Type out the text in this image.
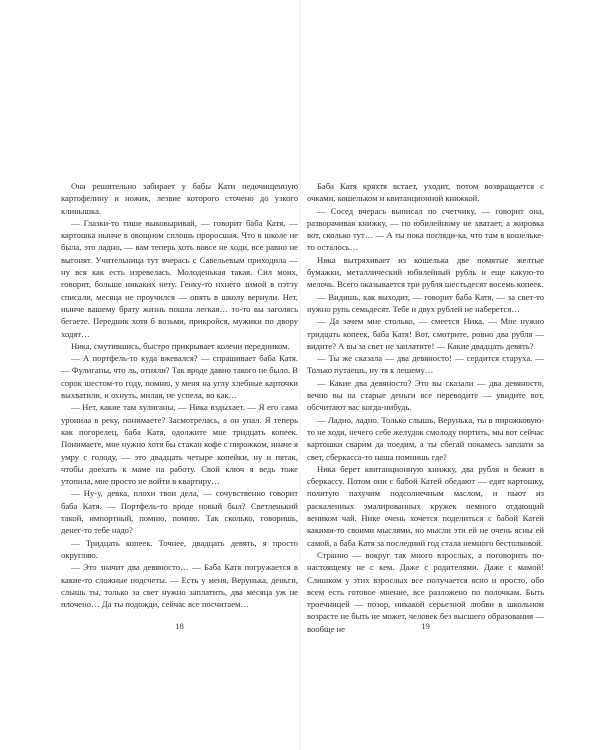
Она решительно забирает у бабы Кати недочищенную картофелину и ножик, лезвие которого сточено до узкого клинышка.

— Глазки-то тише выковыривай, — говорит баба Катя, — картошка нынче в овощном сплошь проросшая. Что в школе не была, это ладно, — вам теперь хоть вовсе не ходи, все равно не выгонят. Учительница тут вчерась с Савельевым приходила — ну вся как есть изревелась. Молоденькая такая. Сил моих, говорит, больше никаких нету. Генку-то нхнего зимой в пэтэу списали, месяца не проучился — опять в школу вернули. Нет, нынче вашему брату жизнь пошла легкая… то-то вы заголясь бегаете. Передник хотя б возьми, прикройся, мужики по двору ходят…

Ника, смутившись, быстро прикрывает колени передником.

— А портфель-то куда вжевался? — спрашивает баба Катя. — Фулиганы, что ль, отняли? Так вроде давно такого не было. В сорок шестом-то году, помню, у меня на углу хлебные карточки выхватили, и охнуть, милая, не успела, во как…

— Нет, какие там хулиганы, — Ника вздыхает. — Я его сама уронила в реку, понимаете? Засмотрелась, а он упал. Я теперь как погорелец, баба Катя, одолжите мне тридцать копеек. Понимаете, мне нужно хотя бы стакан кофе с пирожком, иначе я умру с голоду, — это двадцать четыре копейки, ну и пятак, чтобы доехать к маме на работу. Свой ключ я ведь тоже утопила, мне просто не войти в квартиру…

— Ну-у, девка, плохи твои дела, — сочувственно говорит баба Катя. — Портфель-то вроде новый был? Светленький такой, импортный, помню, помню. Так сколько, говоришь, денег-то тебе надо?

— Тридцать копеек. Точнее, двадцать девять, я просто округляю.

— Это значит два девяносто… — Баба Катя погружается в какие-то сложные подсчеты. — Есть у меня, Верунька, деньги, слышь ты, только за свет нужно заплатить, два месяца уж не плочено… Да ты подожди, сейчас все посчитаем…

18

Баба Катя кряхтя встает, уходит, потом возвращается с очками, кошельком и квитанционной книжкой.

— Сосед вчерась выписал по счетчику, — говорит она, разворачивая книжку, — по юбилейному не хватает, а жировка вот, сколько тут… — А ты пока погляди-ка, что там в кошельке-то осталось…

Ника вытряхивает из кошелька две помятые желтые бумажки, металлический юбилейный рубль и еще какую-то мелочь. Всего оказывается три рубля шестьдесят восемь копеек.

— Видишь, как выходит, — говорит баба Катя, — за свет-то нужно рупь семьдесят. Тебе и двух рублей не наберется…

— Да зачем мне столько, — смеется Ника. — Мне нужно тридцать копеек, баба Катя! Вот, смотрите, ровно два рубля — видите? А вы за свет не заплатите! — Какие двадцать девять?

— Ты же сказала — два девяносто! — сердится старуха. — Только путаешь, ну тя к лешему…

— Какие два девяносто? Это вы сказали — два девяносто, вечно вы на старые деньги все переводите — увидите вот, обсчитают вас когда-нибудь.

— Ладно, ладно. Только слышь, Верунька, ты в пирожковую-то не ходи, нечего себе желудок смолоду портить, мы вот сейчас картошки сварим да поедим, а ты сбегай покамесь заплати за свет, сберкасса-то наша помнишь где?

Ника берет квитанционную книжку, два рубля и бежит в сберкассу. Потом они с бабой Катей обедают — едят картошку, политую пахучим подсолнечным маслом, и пьют из раскаленных эмалированных кружек немного отдающий веником чай. Нике очень хочется поделиться с бабой Катей какими-то своими мыслями, но мысли эти ей не очень ясны ей самой, а баба Катя за последний год стала немного бестолковой.

Странно — вокруг так много взрослых, а поговорить по-настоящему не с кем. Даже с родителями. Даже с мамой! Слишком у этих взрослых все получается ясно и просто, обо всем есть готовое мнение, все разложено по полочкам. Быть троечницей — позор, никакой серьезной любви в школьном возрасте не быть не может, человек без высшего образования — вообще не	19
